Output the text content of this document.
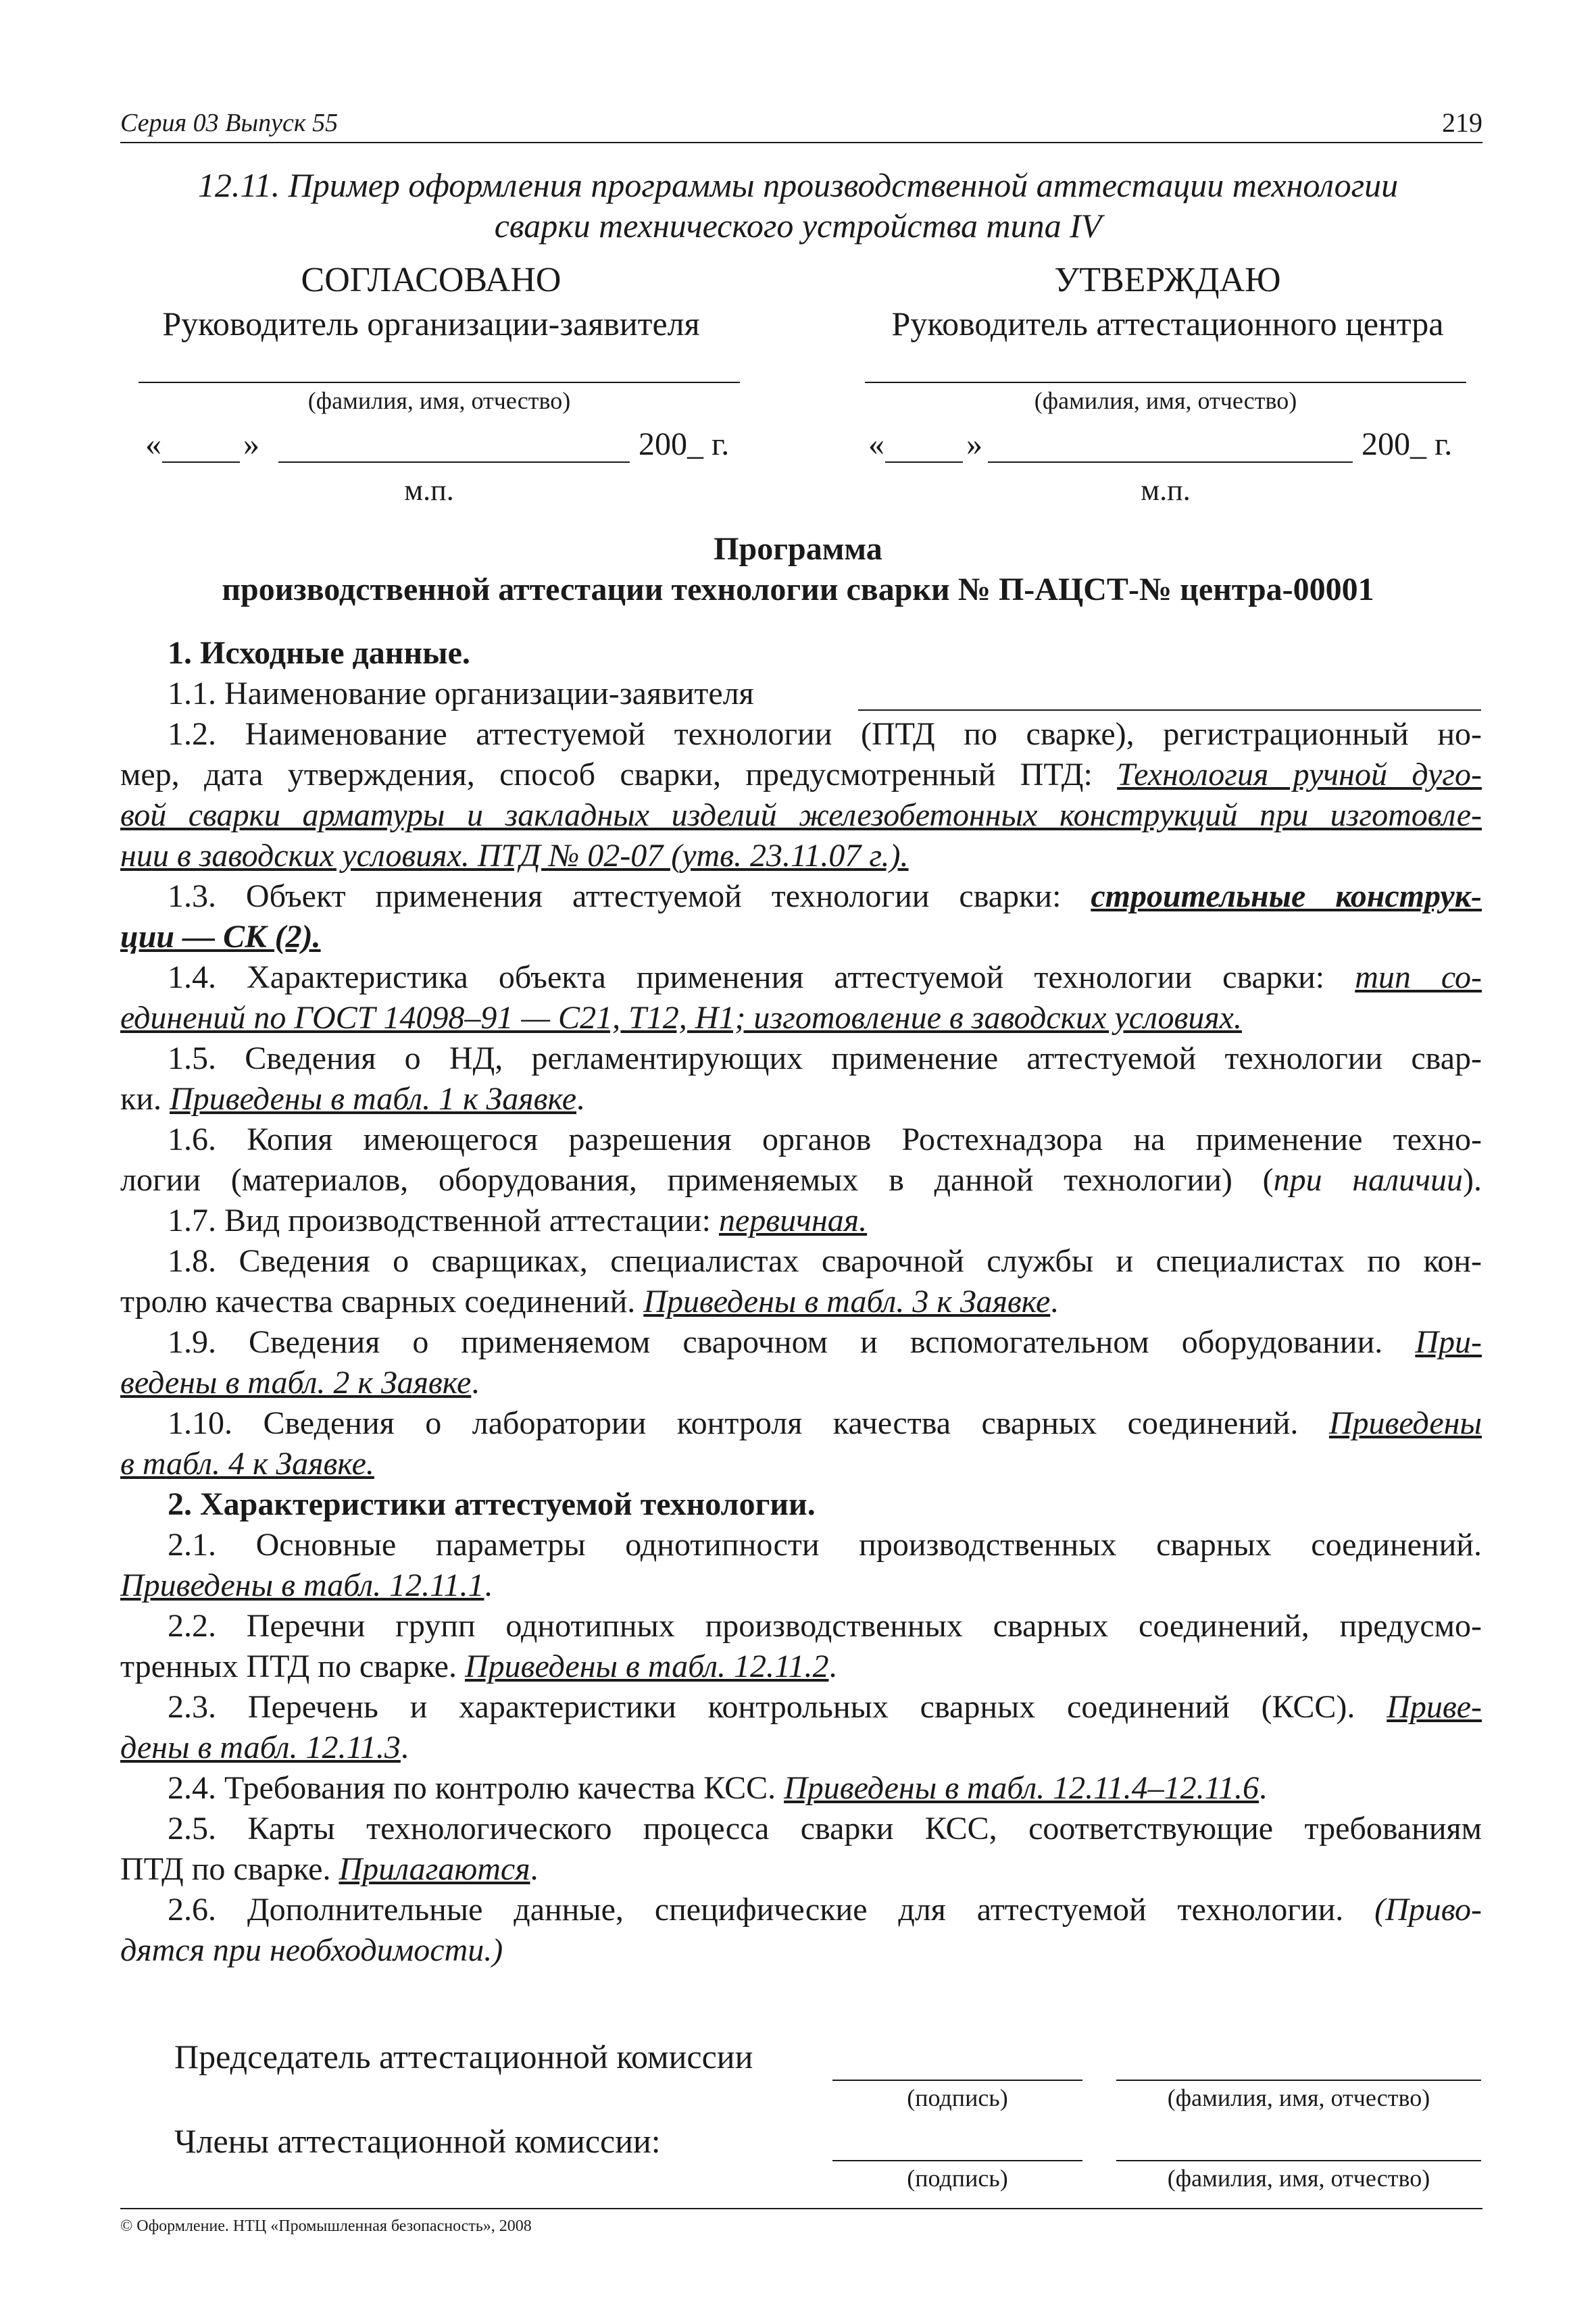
Серия 03 Выпуск 55	219
12.11. Пример оформления программы производственной аттестации технологии
сварки технического устройства типа IV
СОГЛАСОВАНО
Руководитель организации-заявителя
(фамилия, имя, отчество)
«	»	200_ г.
м.п.
УТВЕРЖДАЮ
Руководитель аттестационного центра
(фамилия, имя, отчество)
«	»	200_ г.
м.п.
Программа
производственной аттестации технологии сварки № П-АЦСТ-№ центра-00001
1. Исходные данные.
1.1. Наименование организации-заявителя
1.2. Наименование аттестуемой технологии (ПТД по сварке), регистрационный но-
мер, дата утверждения, способ сварки, предусмотренный ПТД: Технология ручной дуго-
вой сварки арматуры и закладных изделий железобетонных конструкций при изготовле-
нии в заводских условиях. ПТД № 02-07 (утв. 23.11.07 г.).
1.3. Объект применения аттестуемой технологии сварки: строительные конструк-
ции — СК (2).
1.4. Характеристика объекта применения аттестуемой технологии сварки: тип со-
единений по ГОСТ 14098–91 — С21, Т12, Н1; изготовление в заводских условиях.
1.5. Сведения о НД, регламентирующих применение аттестуемой технологии свар-
ки. Приведены в табл. 1 к Заявке.
1.6. Копия имеющегося разрешения органов Ростехнадзора на применение техно-
логии (материалов, оборудования, применяемых в данной технологии) (при наличии).
1.7. Вид производственной аттестации: первичная.
1.8. Сведения о сварщиках, специалистах сварочной службы и специалистах по кон-
тролю качества сварных соединений. Приведены в табл. 3 к Заявке.
1.9. Сведения о применяемом сварочном и вспомогательном оборудовании. При-
ведены в табл. 2 к Заявке.
1.10. Сведения о лаборатории контроля качества сварных соединений. Приведены
в табл. 4 к Заявке.
2. Характеристики аттестуемой технологии.
2.1. Основные параметры однотипности производственных сварных соединений.
Приведены в табл. 12.11.1.
2.2. Перечни групп однотипных производственных сварных соединений, предусмо-
тренных ПТД по сварке. Приведены в табл. 12.11.2.
2.3. Перечень и характеристики контрольных сварных соединений (КСС). Приве-
дены в табл. 12.11.3.
2.4. Требования по контролю качества КСС. Приведены в табл. 12.11.4–12.11.6.
2.5. Карты технологического процесса сварки КСС, соответствующие требованиям
ПТД по сварке. Прилагаются.
2.6. Дополнительные данные, специфические для аттестуемой технологии. (Приво-
дятся при необходимости.)
Председатель аттестационной комиссии
(подпись)	(фамилия, имя, отчество)
Члены аттестационной комиссии:
(подпись)	(фамилия, имя, отчество)
© Оформление. НТЦ «Промышленная безопасность», 2008
